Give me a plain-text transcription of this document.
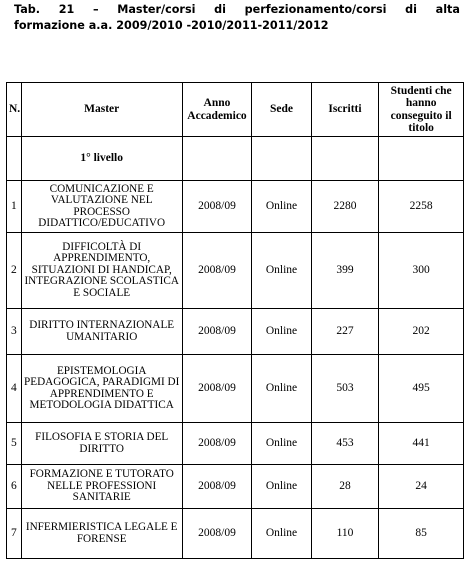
Tab. 21 – Master/corsi di perfezionamento/corsi di alta
formazione a.a. 2009/2010 -2010/2011-2011/2012
N.	Master	Anno Accademico	Sede	Iscritti	Studenti che hanno conseguito il titolo
	1° livello				
1	COMUNICAZIONE E VALUTAZIONE NEL PROCESSO DIDATTICO/EDUCATIVO	2008/09	Online	2280	2258
2	DIFFICOLTÀ DI APPRENDIMENTO, SITUAZIONI DI HANDICAP, INTEGRAZIONE SCOLASTICA E SOCIALE	2008/09	Online	399	300
3	DIRITTO INTERNAZIONALE UMANITARIO	2008/09	Online	227	202
4	EPISTEMOLOGIA PEDAGOGICA, PARADIGMI DI APPRENDIMENTO E METODOLOGIA DIDATTICA	2008/09	Online	503	495
5	FILOSOFIA E STORIA DEL DIRITTO	2008/09	Online	453	441
6	FORMAZIONE E TUTORATO NELLE PROFESSIONI SANITARIE	2008/09	Online	28	24
7	INFERMIERISTICA LEGALE E FORENSE	2008/09	Online	110	85
